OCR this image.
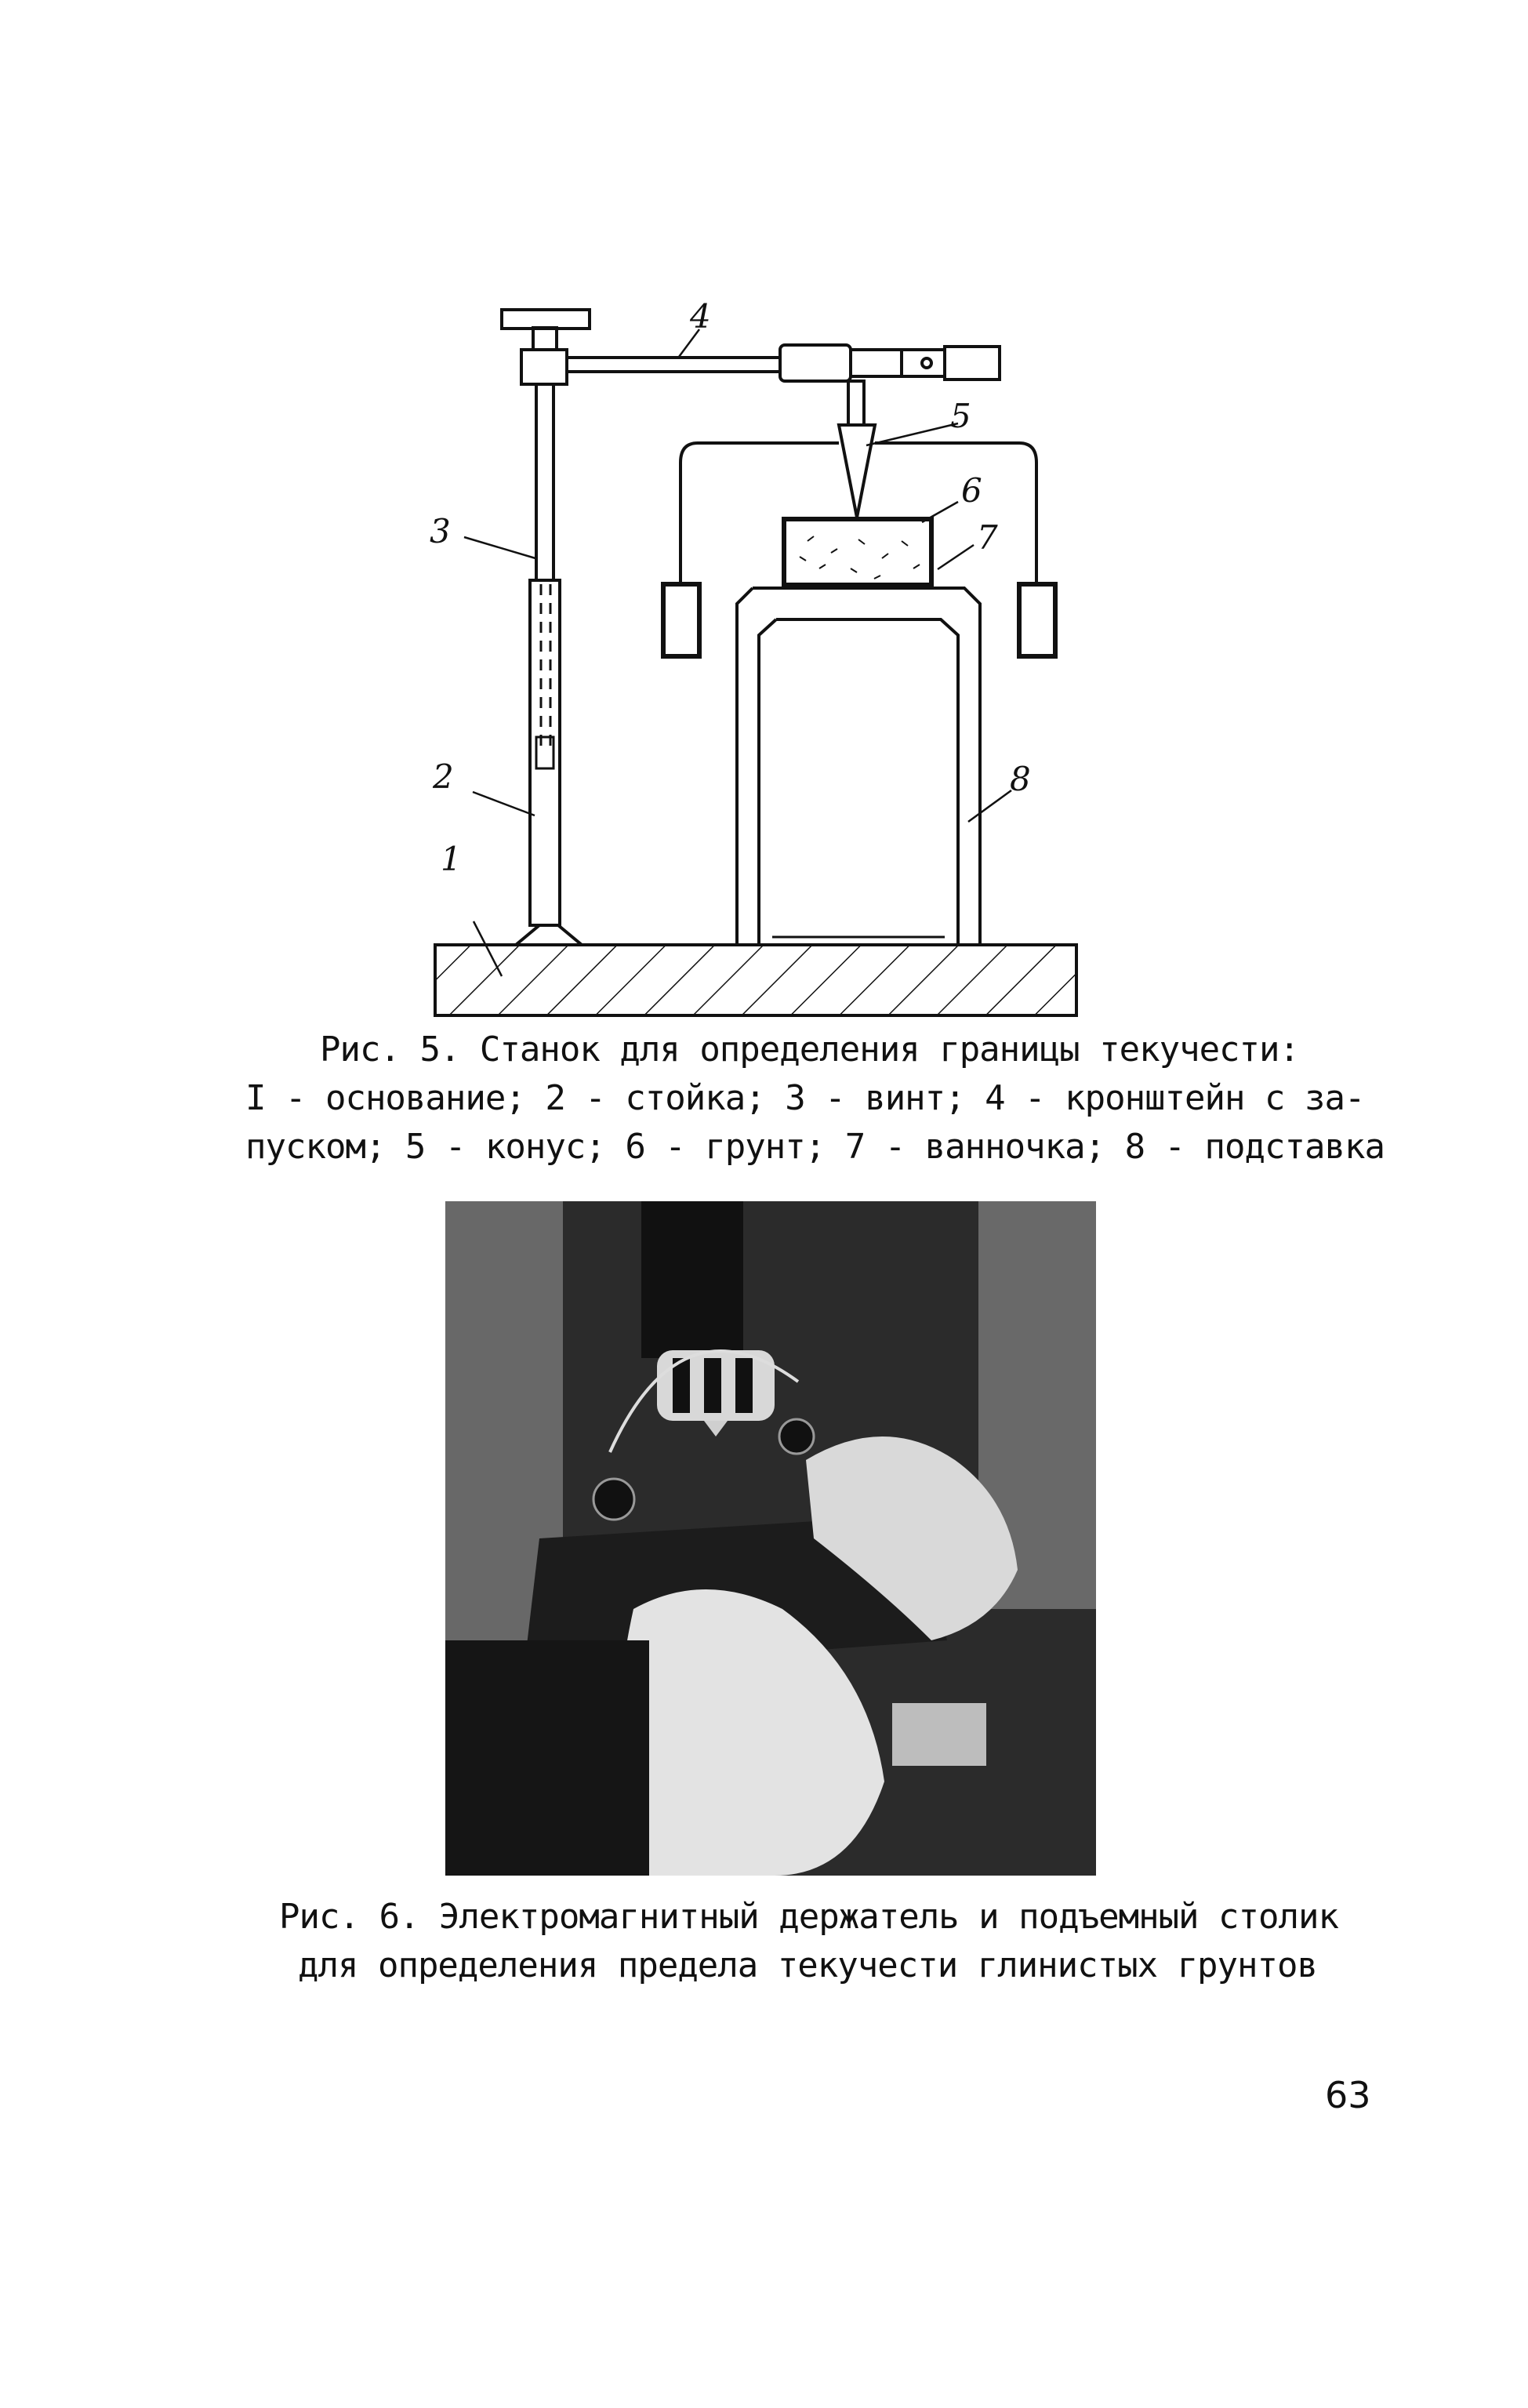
1
2
3
4
5
6
7
8
Рис. 5. Станок для определения границы текучести:
I - основание; 2 - стойка; 3 - винт; 4 - кронштейн с за-
пуском; 5 - конус; 6 - грунт; 7 - ванночка; 8 - подставка
Рис. 6. Электромагнитный держатель и подъемный столик
для определения предела текучести глинистых грунтов
63
